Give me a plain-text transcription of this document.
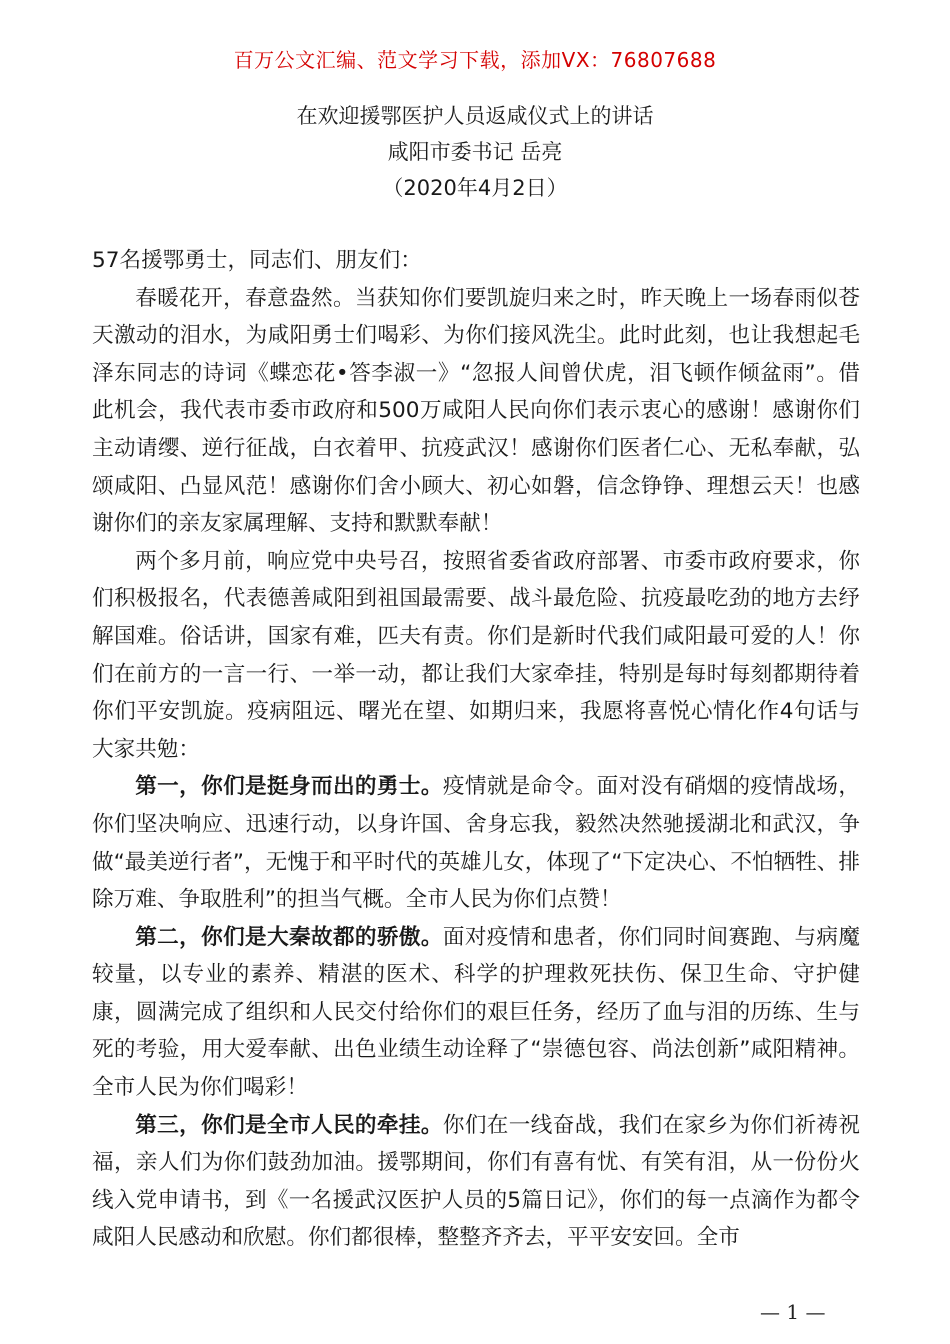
百万公文汇编、范文学习下载，添加VX：76807688
在欢迎援鄂医护人员返咸仪式上的讲话
咸阳市委书记 岳亮
（2020年4月2日）

57名援鄂勇士，同志们、朋友们：

春暖花开，春意盎然。当获知你们要凯旋归来之时，昨天晚上一场春雨似苍天激动的泪水，为咸阳勇士们喝彩、为你们接风洗尘。此时此刻，也让我想起毛泽东同志的诗词《蝶恋花•答李淑一》“忽报人间曾伏虎，泪飞顿作倾盆雨”。借此机会，我代表市委市政府和500万咸阳人民向你们表示衷心的感谢！感谢你们主动请缨、逆行征战，白衣着甲、抗疫武汉！感谢你们医者仁心、无私奉献，弘颂咸阳、凸显风范！感谢你们舍小顾大、初心如磐，信念铮铮、理想云天！也感谢你们的亲友家属理解、支持和默默奉献！

两个多月前，响应党中央号召，按照省委省政府部署、市委市政府要求，你们积极报名，代表德善咸阳到祖国最需要、战斗最危险、抗疫最吃劲的地方去纾解国难。俗话讲，国家有难，匹夫有责。你们是新时代我们咸阳最可爱的人！你们在前方的一言一行、一举一动，都让我们大家牵挂，特别是每时每刻都期待着你们平安凯旋。疫病阻远、曙光在望、如期归来，我愿将喜悦心情化作4句话与大家共勉：

第一，你们是挺身而出的勇士。疫情就是命令。面对没有硝烟的疫情战场，你们坚决响应、迅速行动，以身许国、舍身忘我，毅然决然驰援湖北和武汉，争做“最美逆行者”，无愧于和平时代的英雄儿女，体现了“下定决心、不怕牺牲、排除万难、争取胜利”的担当气概。全市人民为你们点赞！

第二，你们是大秦故都的骄傲。面对疫情和患者，你们同时间赛跑、与病魔较量，以专业的素养、精湛的医术、科学的护理救死扶伤、保卫生命、守护健康，圆满完成了组织和人民交付给你们的艰巨任务，经历了血与泪的历练、生与死的考验，用大爱奉献、出色业绩生动诠释了“崇德包容、尚法创新”咸阳精神。全市人民为你们喝彩！

第三，你们是全市人民的牵挂。你们在一线奋战，我们在家乡为你们祈祷祝福，亲人们为你们鼓劲加油。援鄂期间，你们有喜有忧、有笑有泪，从一份份火线入党申请书，到《一名援武汉医护人员的5篇日记》，你们的每一点滴作为都令咸阳人民感动和欣慰。你们都很棒，整整齐齐去，平平安安回。全市

— 1 —
